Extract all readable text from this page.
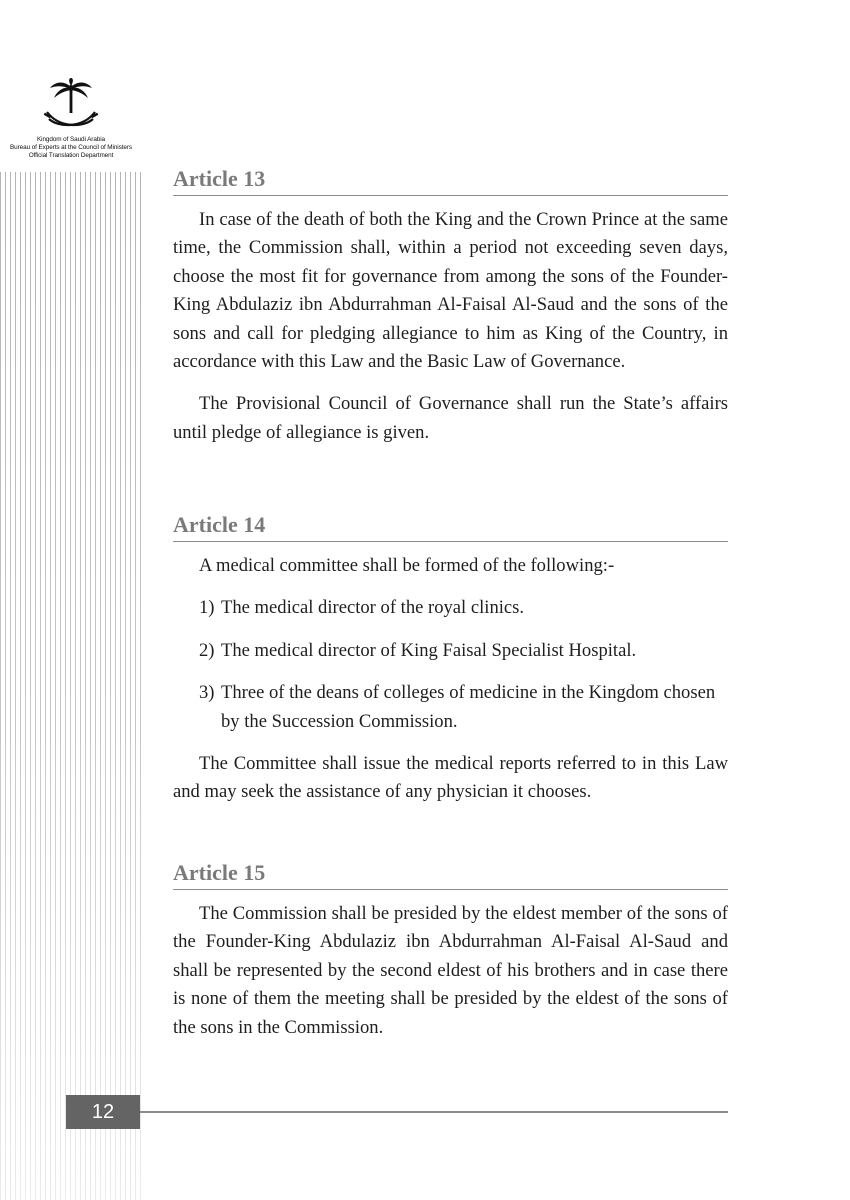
Kingdom of Saudi Arabia
Bureau of Experts at the Council of Ministers
Official Translation Department
Article 13

In case of the death of both the King and the Crown Prince at the same time, the Commission shall, within a period not exceeding seven days, choose the most fit for governance from among the sons of the Founder-King Abdulaziz ibn Abdurrahman Al-Faisal Al-Saud and the sons of the sons and call for pledging allegiance to him as King of the Country, in accordance with this Law and the Basic Law of Governance.

The Provisional Council of Governance shall run the State’s affairs until pledge of allegiance is given.

Article 14

A medical committee shall be formed of the following:-

1) The medical director of the royal clinics.

2) The medical director of King Faisal Specialist Hospital.

3) Three of the deans of colleges of medicine in the Kingdom chosen by the Succession Commission.

The Committee shall issue the medical reports referred to in this Law and may seek the assistance of any physician it chooses.

Article 15

The Commission shall be presided by the eldest member of the sons of the Founder-King Abdulaziz ibn Abdurrahman Al-Faisal Al-Saud and shall be represented by the second eldest of his brothers and in case there is none of them the meeting shall be presided by the eldest of the sons of the sons in the Commission.

12
